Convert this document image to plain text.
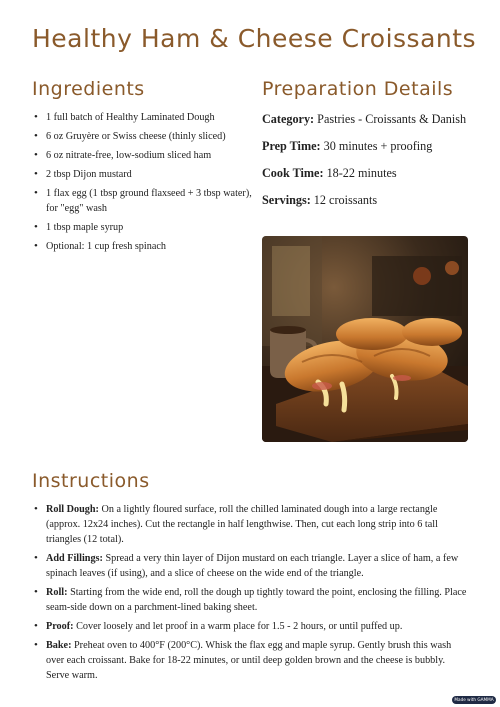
Healthy Ham & Cheese Croissants
Ingredients
• 1 full batch of Healthy Laminated Dough
• 6 oz Gruyère or Swiss cheese (thinly sliced)
• 6 oz nitrate-free, low-sodium sliced ham
• 2 tbsp Dijon mustard
• 1 flax egg (1 tbsp ground flaxseed + 3 tbsp water), for "egg" wash
• 1 tbsp maple syrup
• Optional: 1 cup fresh spinach
Preparation Details

Category: Pastries - Croissants & Danish

Prep Time: 30 minutes + proofing

Cook Time: 18-22 minutes

Servings: 12 croissants

Instructions
• Roll Dough: On a lightly floured surface, roll the chilled laminated dough into a large rectangle (approx. 12x24 inches). Cut the rectangle in half lengthwise. Then, cut each long strip into 6 tall triangles (12 total).
• Add Fillings: Spread a very thin layer of Dijon mustard on each triangle. Layer a slice of ham, a few spinach leaves (if using), and a slice of cheese on the wide end of the triangle.
• Roll: Starting from the wide end, roll the dough up tightly toward the point, enclosing the filling. Place seam-side down on a parchment-lined baking sheet.
• Proof: Cover loosely and let proof in a warm place for 1.5 - 2 hours, or until puffed up.
• Bake: Preheat oven to 400°F (200°C). Whisk the flax egg and maple syrup. Gently brush this wash over each croissant. Bake for 18-22 minutes, or until deep golden brown and the cheese is bubbly. Serve warm.
Made with GAMMA
